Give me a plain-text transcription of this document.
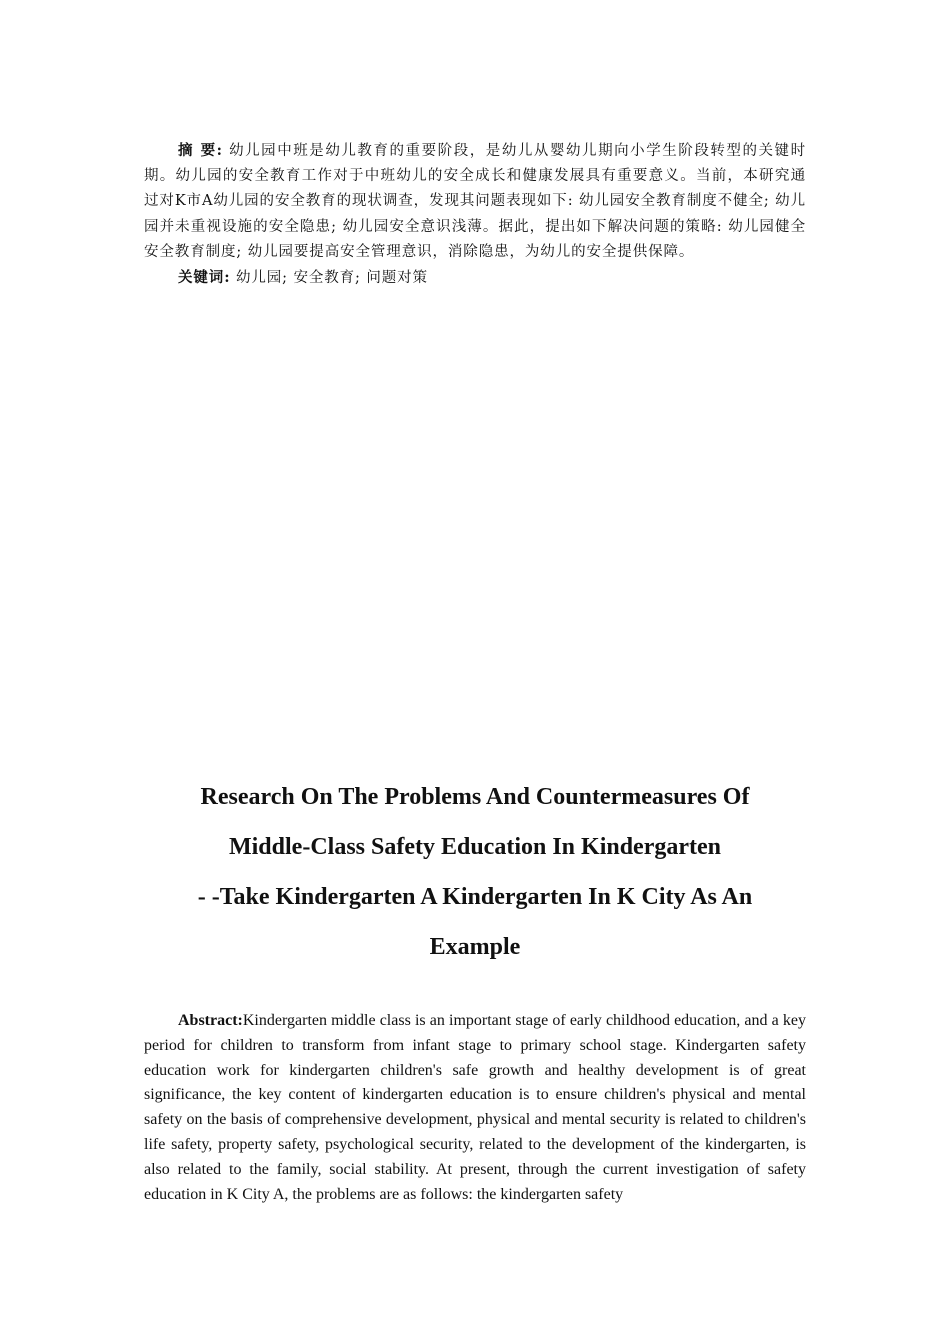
摘 要: 幼儿园中班是幼儿教育的重要阶段，是幼儿从婴幼儿期向小学生阶段转型的关键时期。幼儿园的安全教育工作对于中班幼儿的安全成长和健康发展具有重要意义。当前，本研究通过对K市A幼儿园的安全教育的现状调查，发现其问题表现如下: 幼儿园安全教育制度不健全; 幼儿园并未重视设施的安全隐患; 幼儿园安全意识浅薄。据此，提出如下解决问题的策略: 幼儿园健全安全教育制度; 幼儿园要提高安全管理意识，消除隐患，为幼儿的安全提供保障。

关键词: 幼儿园; 安全教育; 问题对策

Research On The Problems And Countermeasures Of
Middle-Class Safety Education In Kindergarten
- -Take Kindergarten A Kindergarten In K City As An
Example

Abstract:Kindergarten middle class is an important stage of early childhood education, and a key period for children to transform from infant stage to primary school stage. Kindergarten safety education work for kindergarten children's safe growth and healthy development is of great significance, the key content of kindergarten education is to ensure children's physical and mental safety on the basis of comprehensive development, physical and mental security is related to children's life safety, property safety, psychological security, related to the development of the kindergarten, is also related to the family, social stability. At present, through the current investigation of safety education in K City A, the problems are as follows: the kindergarten safety
